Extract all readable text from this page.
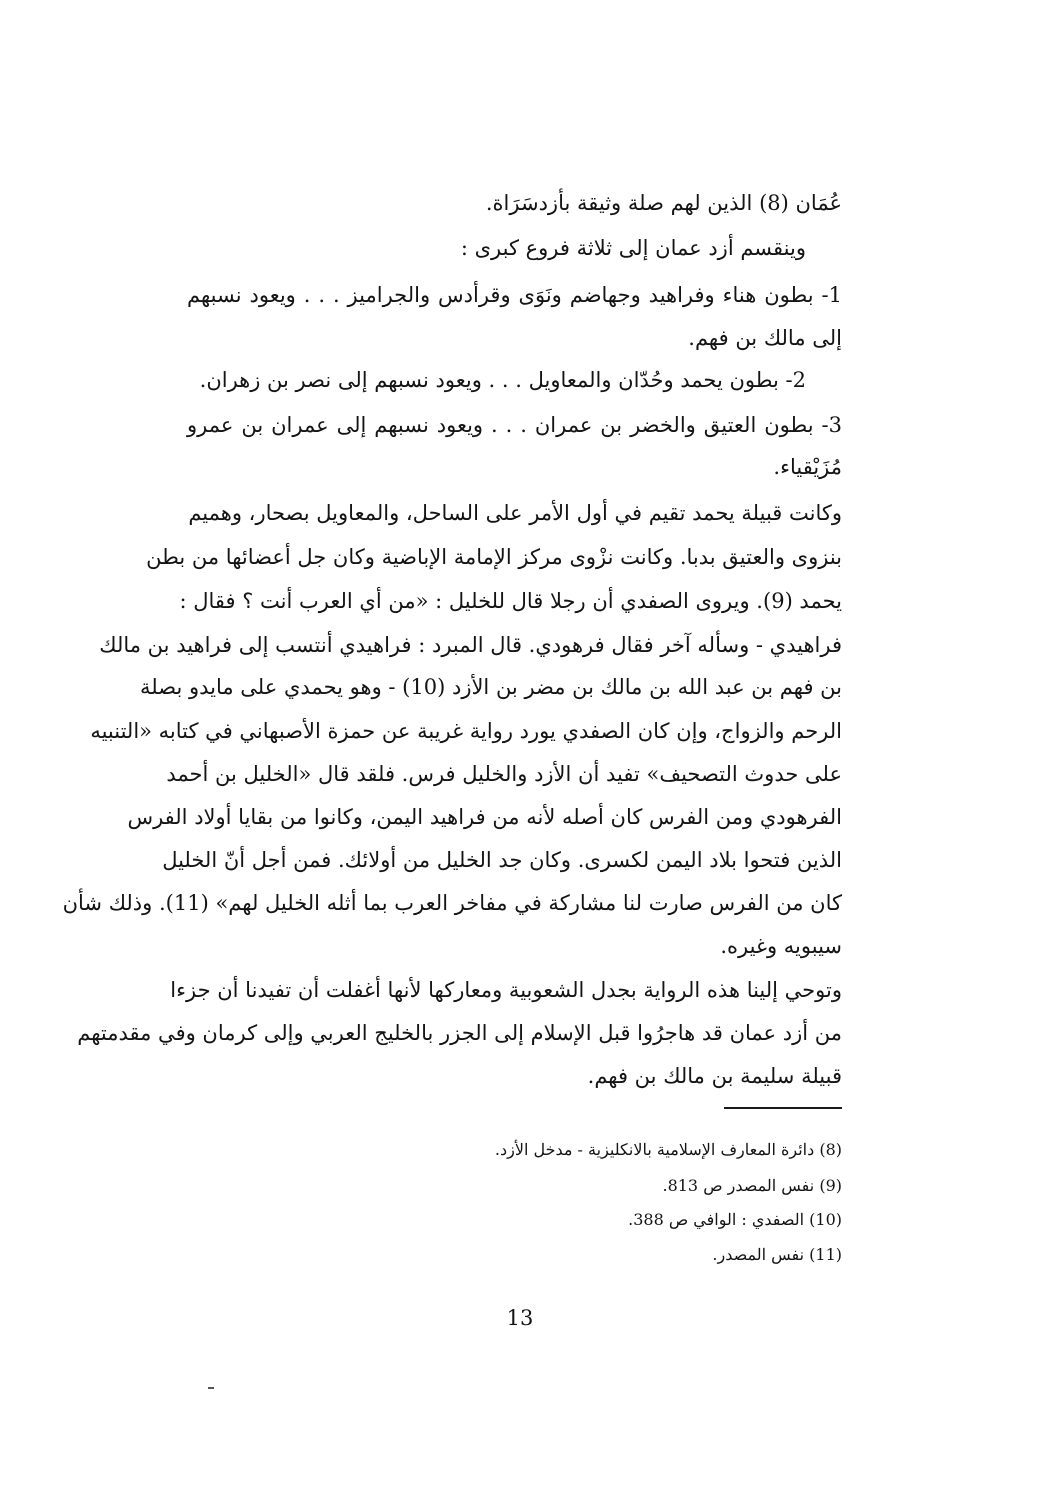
عُمَان (8) الذين لهم صلة وثيقة بأزدسَرَاة.
وينقسم أزد عمان إلى ثلاثة فروع كبرى :
1- بطون هناء وفراهيد وجهاضم ونَوَى وقرأدس والجراميز . . . ويعود نسبهم
إلى مالك بن فهم.
2- بطون يحمد وحُدّان والمعاويل . . . ويعود نسبهم إلى نصر بن زهران.
3- بطون العتيق والخضر بن عمران . . . ويعود نسبهم إلى عمران بن عمرو
مُزَيْقياء.
وكانت قبيلة يحمد تقيم في أول الأمر على الساحل، والمعاويل بصحار، وهميم
بنزوى والعتيق بدبا. وكانت نزْوى مركز الإمامة الإباضية وكان جل أعضائها من بطن
يحمد (9). ويروى الصفدي أن رجلا قال للخليل : «من أي العرب أنت ؟ فقال :
فراهيدي - وسأله آخر فقال فرهودي. قال المبرد : فراهيدي أنتسب إلى فراهيد بن مالك
بن فهم بن عبد الله بن مالك بن مضر بن الأزد (10) - وهو يحمدي على مايدو بصلة
الرحم والزواج، وإن كان الصفدي يورد رواية غريبة عن حمزة الأصبهاني في كتابه «التنبيه
على حدوث التصحيف» تفيد أن الأزد والخليل فرس. فلقد قال «الخليل بن أحمد
الفرهودي ومن الفرس كان أصله لأنه من فراهيد اليمن، وكانوا من بقايا أولاد الفرس
الذين فتحوا بلاد اليمن لكسرى. وكان جد الخليل من أولائك. فمن أجل أنّ الخليل
كان من الفرس صارت لنا مشاركة في مفاخر العرب بما أثله الخليل لهم» (11). وذلك شأن
سيبويه وغيره.
وتوحي إلينا هذه الرواية بجدل الشعوبية ومعاركها لأنها أغفلت أن تفيدنا أن جزءا
من أزد عمان قد هاجرُوا قبل الإسلام إلى الجزر بالخليج العربي وإلى كرمان وفي مقدمتهم
قبيلة سليمة بن مالك بن فهم.
(8) دائرة المعارف الإسلامية بالانكليزية - مدخل الأزد.
(9) نفس المصدر ص 813.
(10) الصفدي : الوافي ص 388.
(11) نفس المصدر.
13
